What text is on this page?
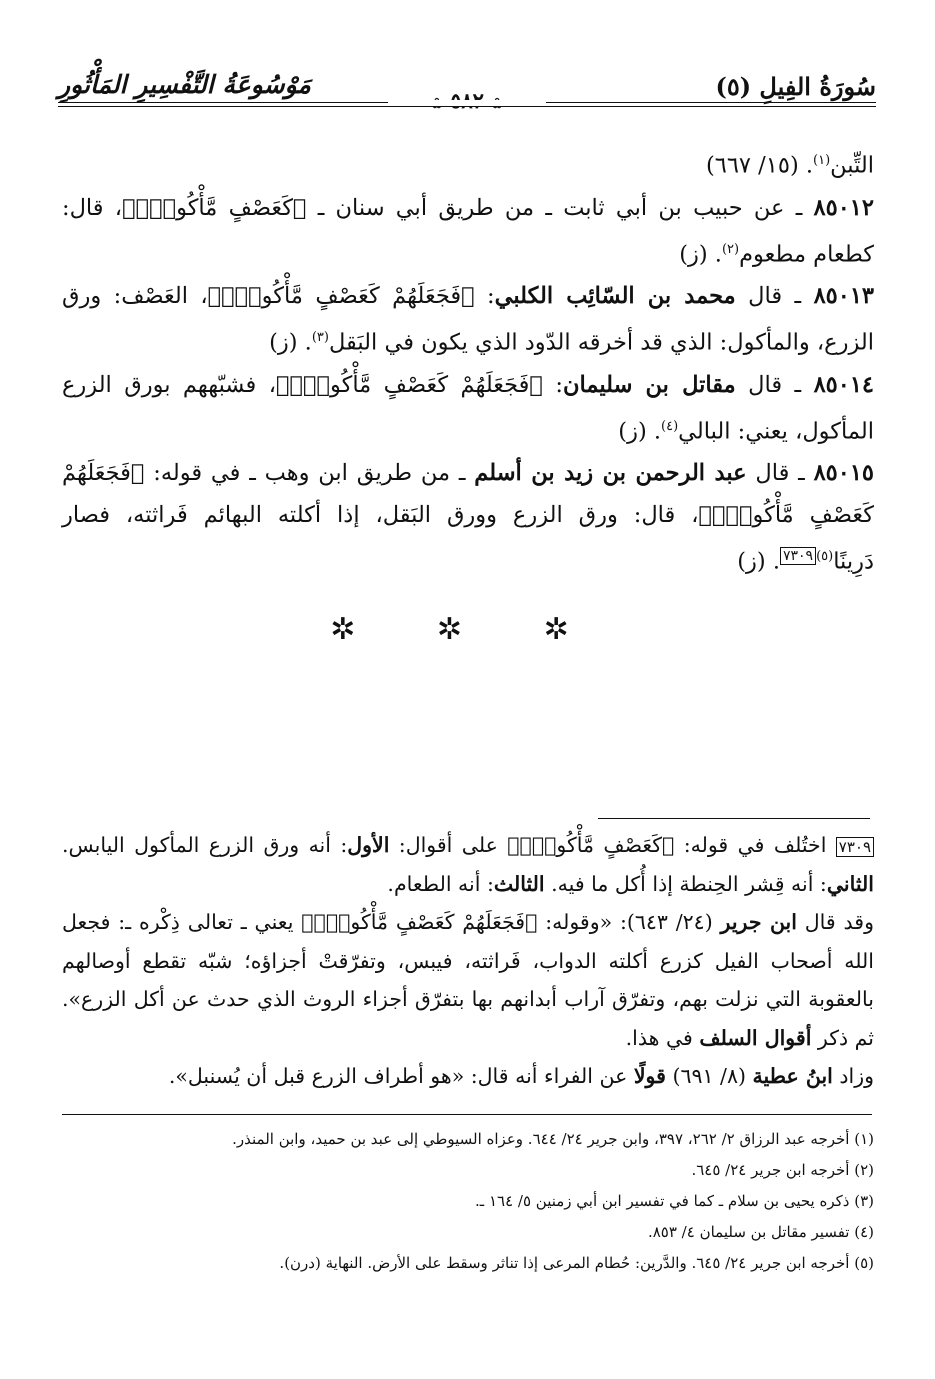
سُورَةُ الفِيلِ (٥)
❀ ٥٨٢ ❀
مَوْسُوعَةُ التَّفْسِيرِ المَأْثُورِ

التِّبن$^{(١)}$. (١٥/ ٦٦٧)

٨٥٠١٢ ـ عن حبيب بن أبي ثابت ـ من طريق أبي سنان ـ ﴿كَعَصْفٍ مَّأْكُولٍۭ﴾، قال: كطعام مطعوم$^{(٢)}$. (ز)

٨٥٠١٣ ـ قال محمد بن السّائِب الكلبي: ﴿فَجَعَلَهُمْ كَعَصْفٍ مَّأْكُولٍۭ﴾، العَصْف: ورق الزرع، والمأكول: الذي قد أخرقه الدّود الذي يكون في البَقل$^{(٣)}$. (ز)

٨٥٠١٤ ـ قال مقاتل بن سليمان: ﴿فَجَعَلَهُمْ كَعَصْفٍ مَّأْكُولٍۭ﴾، فشبّههم بورق الزرع المأكول، يعني: البالي$^{(٤)}$. (ز)

٨٥٠١٥ ـ قال عبد الرحمن بن زيد بن أسلم ـ من طريق ابن وهب ـ في قوله: ﴿فَجَعَلَهُمْ كَعَصْفٍ مَّأْكُولٍۭ﴾، قال: ورق الزرع وورق البَقل، إذا أكلته البهائم فَراثته، فصار دَرِينًا$^{(٥)٧٣٠٩}$. (ز)

✲ ✲ ✲

٧٣٠٩ اختُلف في قوله: ﴿كَعَصْفٍ مَّأْكُولٍۭ﴾ على أقوال: الأول: أنه ورق الزرع المأكول اليابس. الثاني: أنه قِشر الحِنطة إذا أُكل ما فيه. الثالث: أنه الطعام.

وقد قال ابن جرير (٢٤/ ٦٤٣): «وقوله: ﴿فَجَعَلَهُمْ كَعَصْفٍ مَّأْكُولٍۭ﴾ يعني ـ تعالى ذِكْره ـ: فجعل الله أصحاب الفيل كزرع أكلته الدواب، فَراثته، فيبس، وتفرّقتْ أجزاؤه؛ شبّه تقطع أوصالهم بالعقوبة التي نزلت بهم، وتفرّق آراب أبدانهم بها بتفرّق أجزاء الروث الذي حدث عن أكل الزرع». ثم ذكر أقوال السلف في هذا.

وزاد ابنُ عطية (٨/ ٦٩١) قولًا عن الفراء أنه قال: «هو أطراف الزرع قبل أن يُسنبل».

(١) أخرجه عبد الرزاق ٢/ ٢٦٢، ٣٩٧، وابن جرير ٢٤/ ٦٤٤. وعزاه السيوطي إلى عبد بن حميد، وابن المنذر.

(٢) أخرجه ابن جرير ٢٤/ ٦٤٥.

(٣) ذكره يحيى بن سلام ـ كما في تفسير ابن أبي زمنين ٥/ ١٦٤ ـ.

(٤) تفسير مقاتل بن سليمان ٤/ ٨٥٣.

(٥) أخرجه ابن جرير ٢٤/ ٦٤٥. والدَّرين: حُطام المرعى إذا تناثر وسقط على الأرض. النهاية (درن).
